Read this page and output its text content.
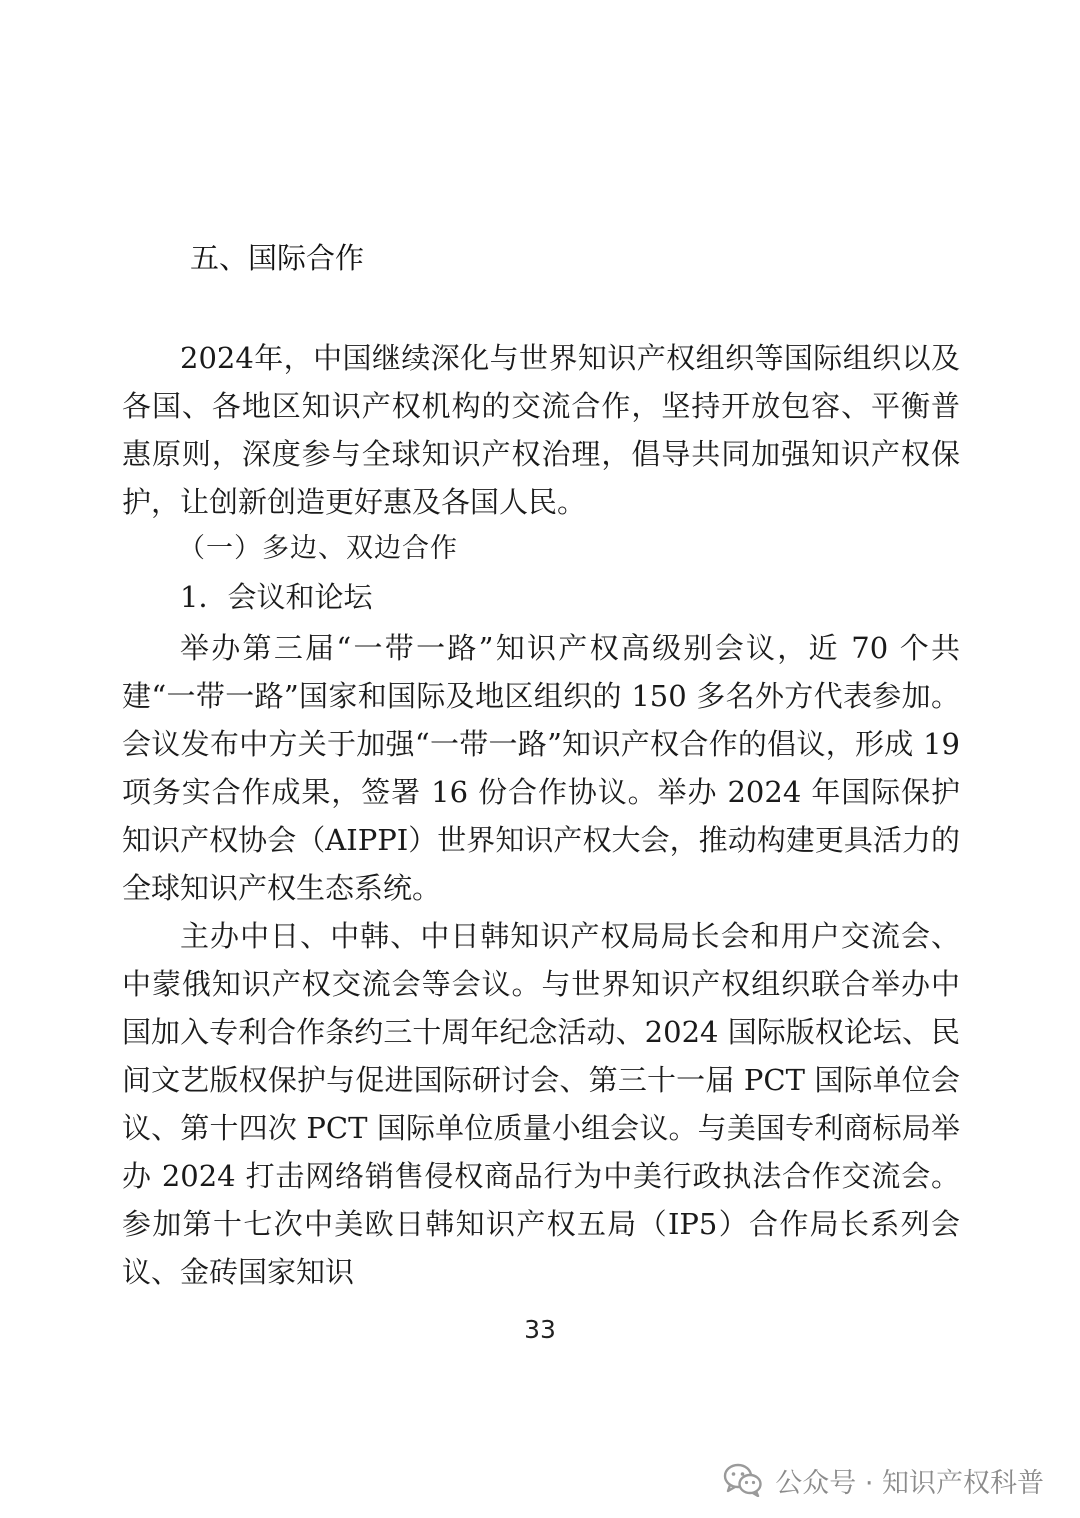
五、国际合作

2024年，中国继续深化与世界知识产权组织等国际组织以及各国、各地区知识产权机构的交流合作，坚持开放包容、平衡普惠原则，深度参与全球知识产权治理，倡导共同加强知识产权保护，让创新创造更好惠及各国人民。

（一）多边、双边合作
1．会议和论坛

举办第三届“一带一路”知识产权高级别会议，近 70 个共建“一带一路”国家和国际及地区组织的 150 多名外方代表参加。会议发布中方关于加强“一带一路”知识产权合作的倡议，形成 19 项务实合作成果，签署 16 份合作协议。举办 2024 年国际保护知识产权协会（AIPPI）世界知识产权大会，推动构建更具活力的全球知识产权生态系统。

主办中日、中韩、中日韩知识产权局局长会和用户交流会、中蒙俄知识产权交流会等会议。与世界知识产权组织联合举办中国加入专利合作条约三十周年纪念活动、2024 国际版权论坛、民间文艺版权保护与促进国际研讨会、第三十一届 PCT 国际单位会议、第十四次 PCT 国际单位质量小组会议。与美国专利商标局举办 2024 打击网络销售侵权商品行为中美行政执法合作交流会。参加第十七次中美欧日韩知识产权五局（IP5）合作局长系列会议、金砖国家知识

33
公众号 · 知识产权科普
